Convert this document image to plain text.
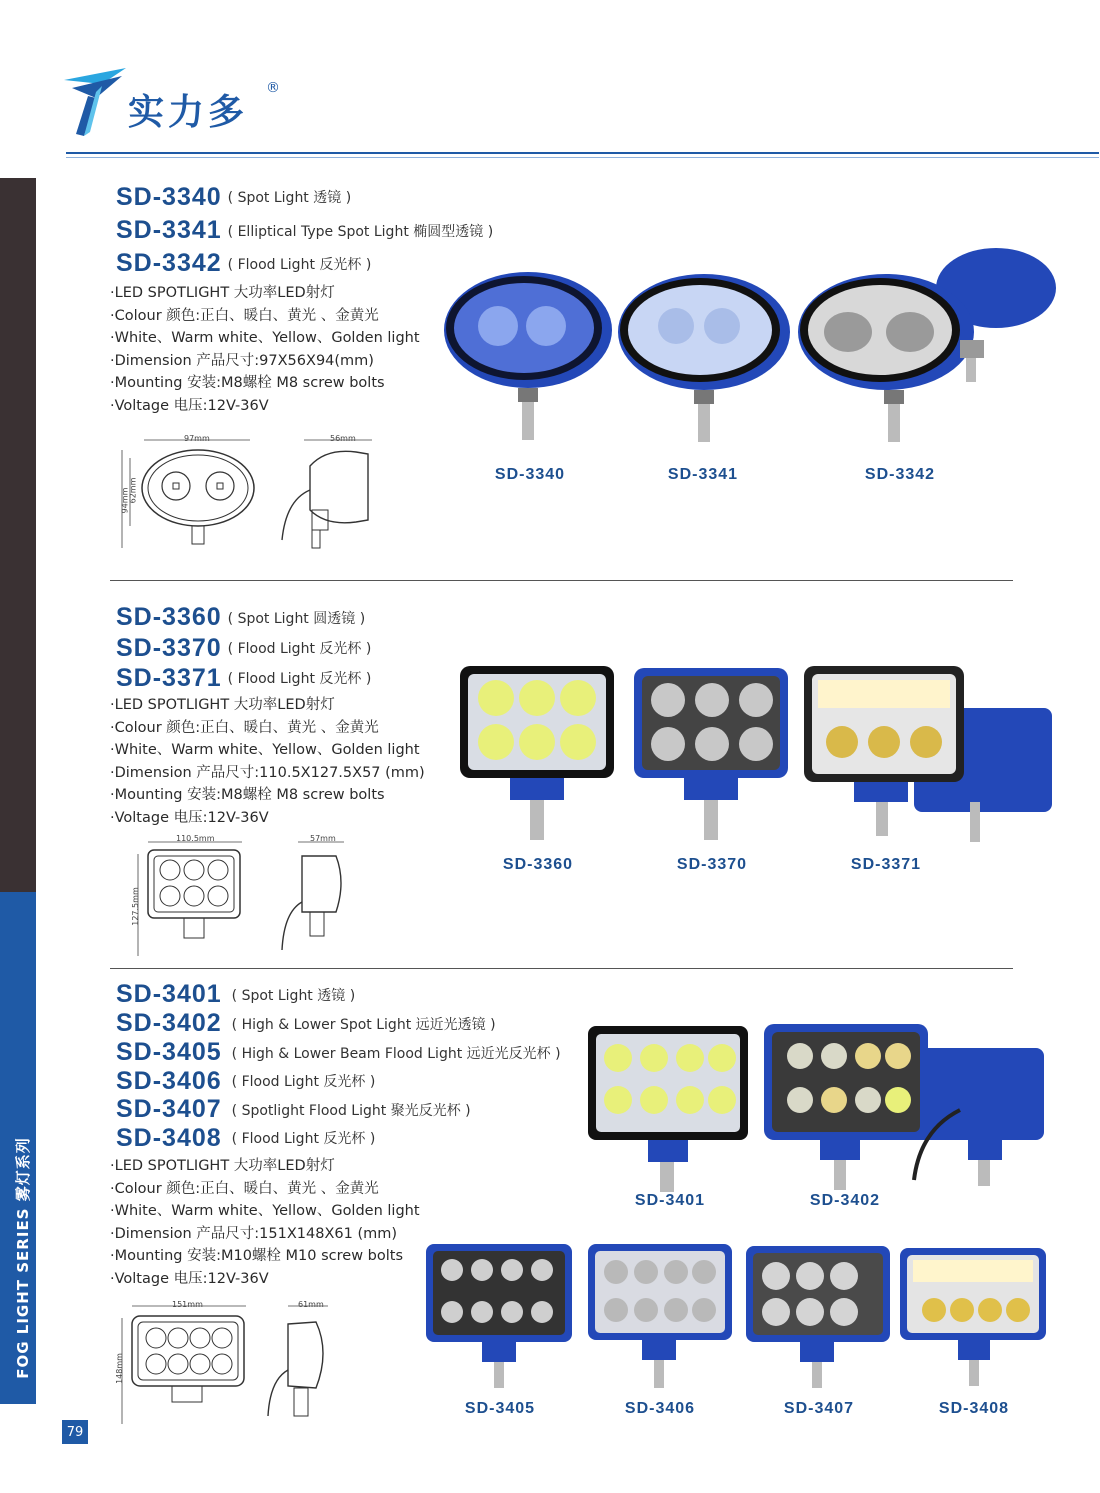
FOG LIGHT SERIES 雾灯系列
79
实力多
®
SD-3340 ( Spot Light 透镜 )
SD-3341 ( Elliptical Type Spot Light 椭圆型透镜 )
SD-3342 ( Flood Light 反光杯 )
·LED SPOTLIGHT 大功率LED射灯
·Colour 颜色:正白、暖白、黄光 、金黄光
·White、Warm white、Yellow、Golden light
·Dimension 产品尺寸:97X56X94(mm)
·Mounting 安装:M8螺栓 M8 screw bolts
·Voltage 电压:12V-36V
97mm	56mm
94mm 62mm
SD-3340	SD-3341	SD-3342
SD-3360 ( Spot Light 圆透镜 )
SD-3370 ( Flood Light 反光杯 )
SD-3371 ( Flood Light 反光杯 )
·LED SPOTLIGHT 大功率LED射灯
·Colour 颜色:正白、暖白、黄光 、金黄光
·White、Warm white、Yellow、Golden light
·Dimension 产品尺寸:110.5X127.5X57 (mm)
·Mounting 安装:M8螺栓 M8 screw bolts
·Voltage 电压:12V-36V
110.5mm	57mm
127.5mm
SD-3360	SD-3370	SD-3371
SD-3401 ( Spot Light 透镜 )
SD-3402 ( High & Lower Spot Light 远近光透镜 )
SD-3405 ( High & Lower Beam Flood Light 远近光反光杯 )
SD-3406 ( Flood Light 反光杯 )
SD-3407 ( Spotlight Flood Light 聚光反光杯 )
SD-3408 ( Flood Light 反光杯 )
·LED SPOTLIGHT 大功率LED射灯
·Colour 颜色:正白、暖白、黄光 、金黄光
·White、Warm white、Yellow、Golden light
·Dimension 产品尺寸:151X148X61 (mm)
·Mounting 安装:M10螺栓 M10 screw bolts
·Voltage 电压:12V-36V
151mm	61mm
148mm
SD-3401	SD-3402
SD-3405	SD-3406	SD-3407	SD-3408
